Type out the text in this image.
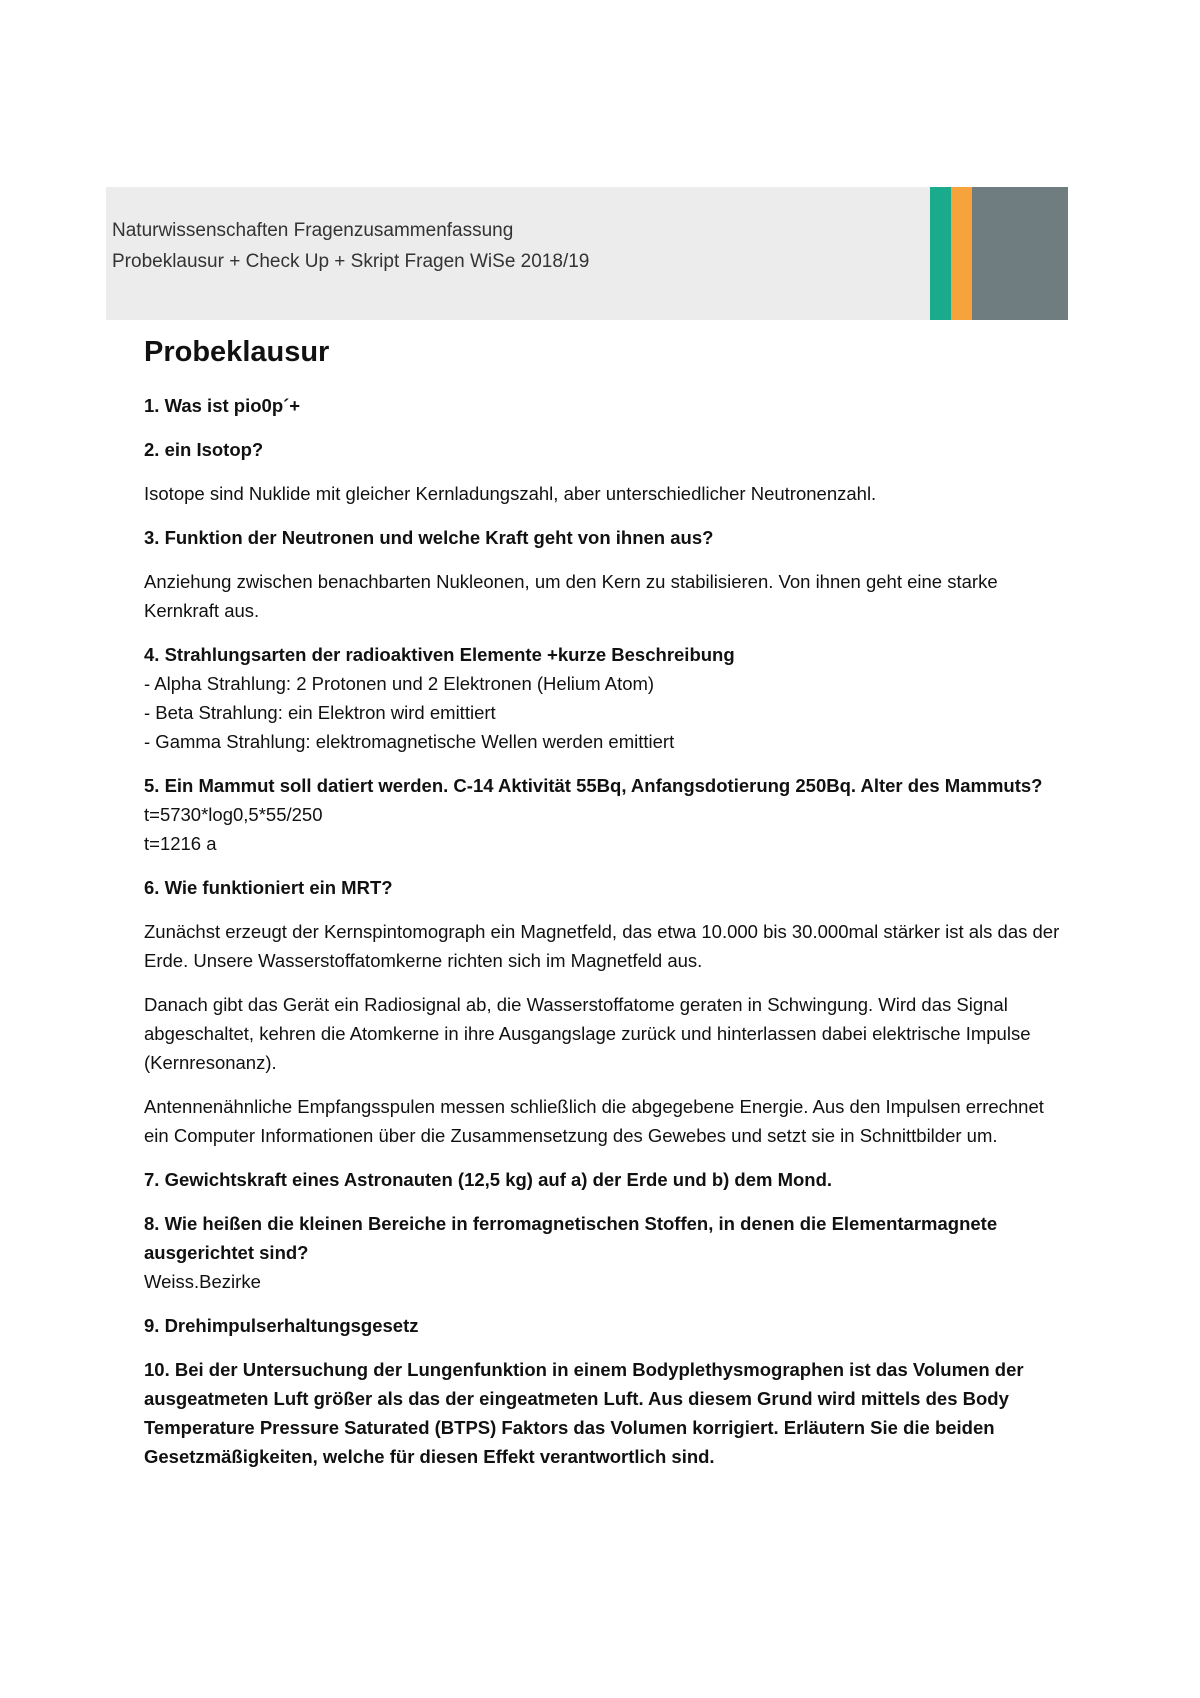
Naturwissenschaften Fragenzusammenfassung
Probeklausur + Check Up + Skript Fragen WiSe 2018/19
Probeklausur

1. Was ist pio0p´+

2. ein Isotop?

Isotope sind Nuklide mit gleicher Kernladungszahl, aber unterschiedlicher Neutronenzahl.

3. Funktion der Neutronen und welche Kraft geht von ihnen aus?

Anziehung zwischen benachbarten Nukleonen, um den Kern zu stabilisieren. Von ihnen geht eine starke Kernkraft aus.

4. Strahlungsarten der radioaktiven Elemente +kurze Beschreibung

- Alpha Strahlung: 2 Protonen und 2 Elektronen (Helium Atom)

- Beta Strahlung: ein Elektron wird emittiert

- Gamma Strahlung: elektromagnetische Wellen werden emittiert

5. Ein Mammut soll datiert werden. C-14 Aktivität 55Bq, Anfangsdotierung 250Bq. Alter des Mammuts?

t=5730*log0,5*55/250

t=1216 a

6. Wie funktioniert ein MRT?

Zunächst erzeugt der Kernspintomograph ein Magnetfeld, das etwa 10.000 bis 30.000mal stärker ist als das der Erde. Unsere Wasserstoffatomkerne richten sich im Magnetfeld aus.

Danach gibt das Gerät ein Radiosignal ab, die Wasserstoffatome geraten in Schwingung. Wird das Signal abgeschaltet, kehren die Atomkerne in ihre Ausgangslage zurück und hinterlassen dabei elektrische Impulse (Kernresonanz).

Antennenähnliche Empfangsspulen messen schließlich die abgegebene Energie. Aus den Impulsen errechnet ein Computer Informationen über die Zusammensetzung des Gewebes und setzt sie in Schnittbilder um.

7. Gewichtskraft eines Astronauten (12,5 kg) auf a) der Erde und b) dem Mond.

8. Wie heißen die kleinen Bereiche in ferromagnetischen Stoffen, in denen die Elementarmagnete ausgerichtet sind?

Weiss.Bezirke

9. Drehimpulserhaltungsgesetz

10. Bei der Untersuchung der Lungenfunktion in einem Bodyplethysmographen ist das Volumen der ausgeatmeten Luft größer als das der eingeatmeten Luft. Aus diesem Grund wird mittels des Body Temperature Pressure Saturated (BTPS) Faktors das Volumen korrigiert. Erläutern Sie die beiden Gesetzmäßigkeiten, welche für diesen Effekt verantwortlich sind.
